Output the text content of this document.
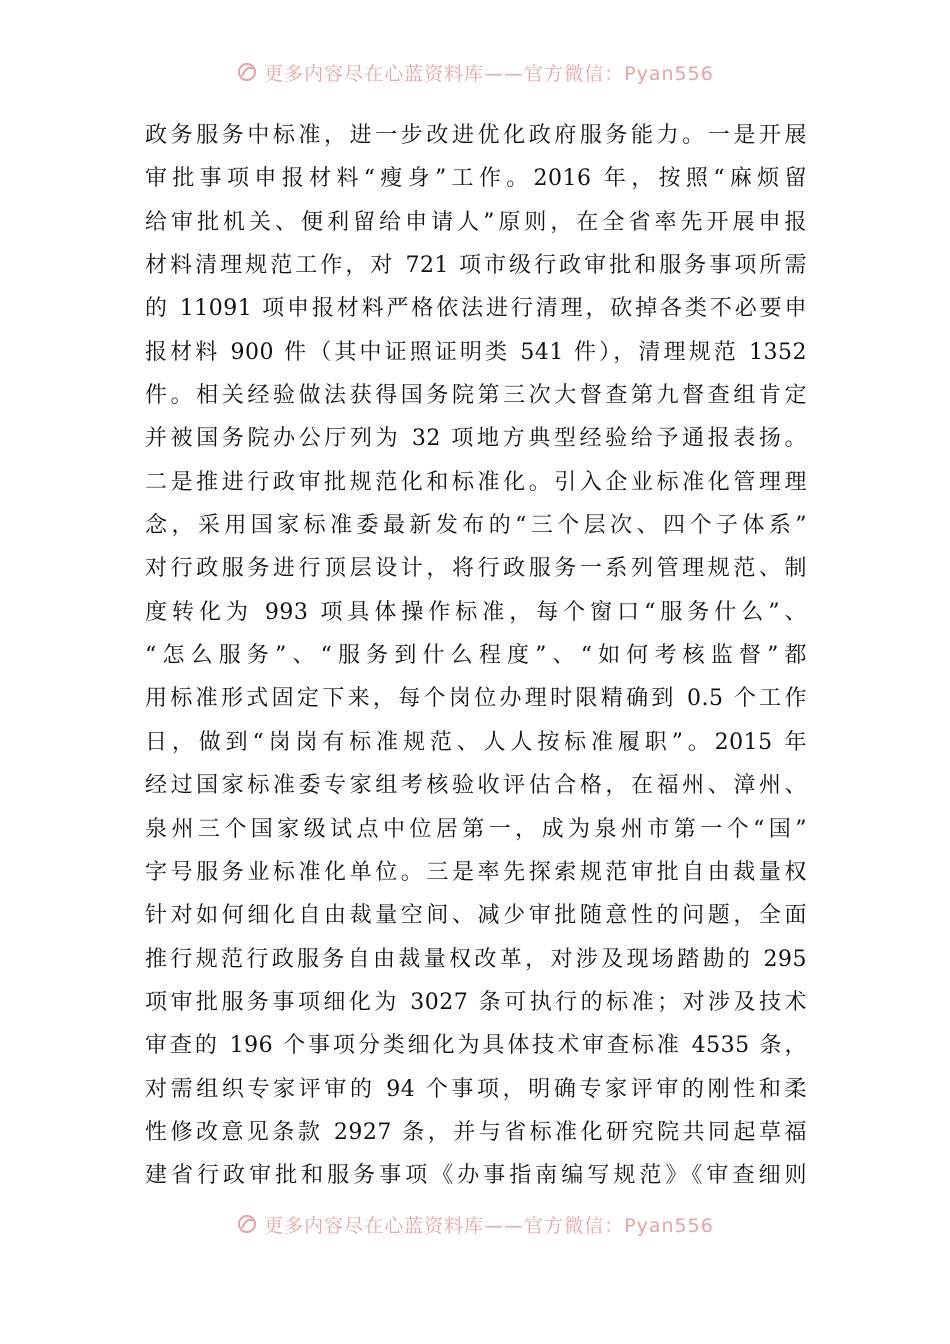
更多内容尽在心蓝资料库——官方微信：Pyan556
政务服务中标准，进一步改进优化政府服务能力。一是开展
审批事项申报材料“瘦身”工作。2016 年，按照“麻烦留
给审批机关、便利留给申请人”原则，在全省率先开展申报
材料清理规范工作，对 721 项市级行政审批和服务事项所需
的 11091 项申报材料严格依法进行清理，砍掉各类不必要申
报材料 900 件（其中证照证明类 541 件），清理规范 1352
件。相关经验做法获得国务院第三次大督查第九督查组肯定
并被国务院办公厅列为 32 项地方典型经验给予通报表扬。
二是推进行政审批规范化和标准化。引入企业标准化管理理
念，采用国家标准委最新发布的“三个层次、四个子体系”
对行政服务进行顶层设计，将行政服务一系列管理规范、制
度转化为 993 项具体操作标准，每个窗口“服务什么”、
“怎么服务”、“服务到什么程度”、“如何考核监督”都
用标准形式固定下来，每个岗位办理时限精确到 0.5 个工作
日，做到“岗岗有标准规范、人人按标准履职”。2015 年
经过国家标准委专家组考核验收评估合格，在福州、漳州、
泉州三个国家级试点中位居第一，成为泉州市第一个“国”
字号服务业标准化单位。三是率先探索规范审批自由裁量权
针对如何细化自由裁量空间、减少审批随意性的问题，全面
推行规范行政服务自由裁量权改革，对涉及现场踏勘的 295
项审批服务事项细化为 3027 条可执行的标准；对涉及技术
审查的 196 个事项分类细化为具体技术审查标准 4535 条，
对需组织专家评审的 94 个事项，明确专家评审的刚性和柔
性修改意见条款 2927 条，并与省标准化研究院共同起草福
建省行政审批和服务事项《办事指南编写规范》《审查细则
更多内容尽在心蓝资料库——官方微信：Pyan556
